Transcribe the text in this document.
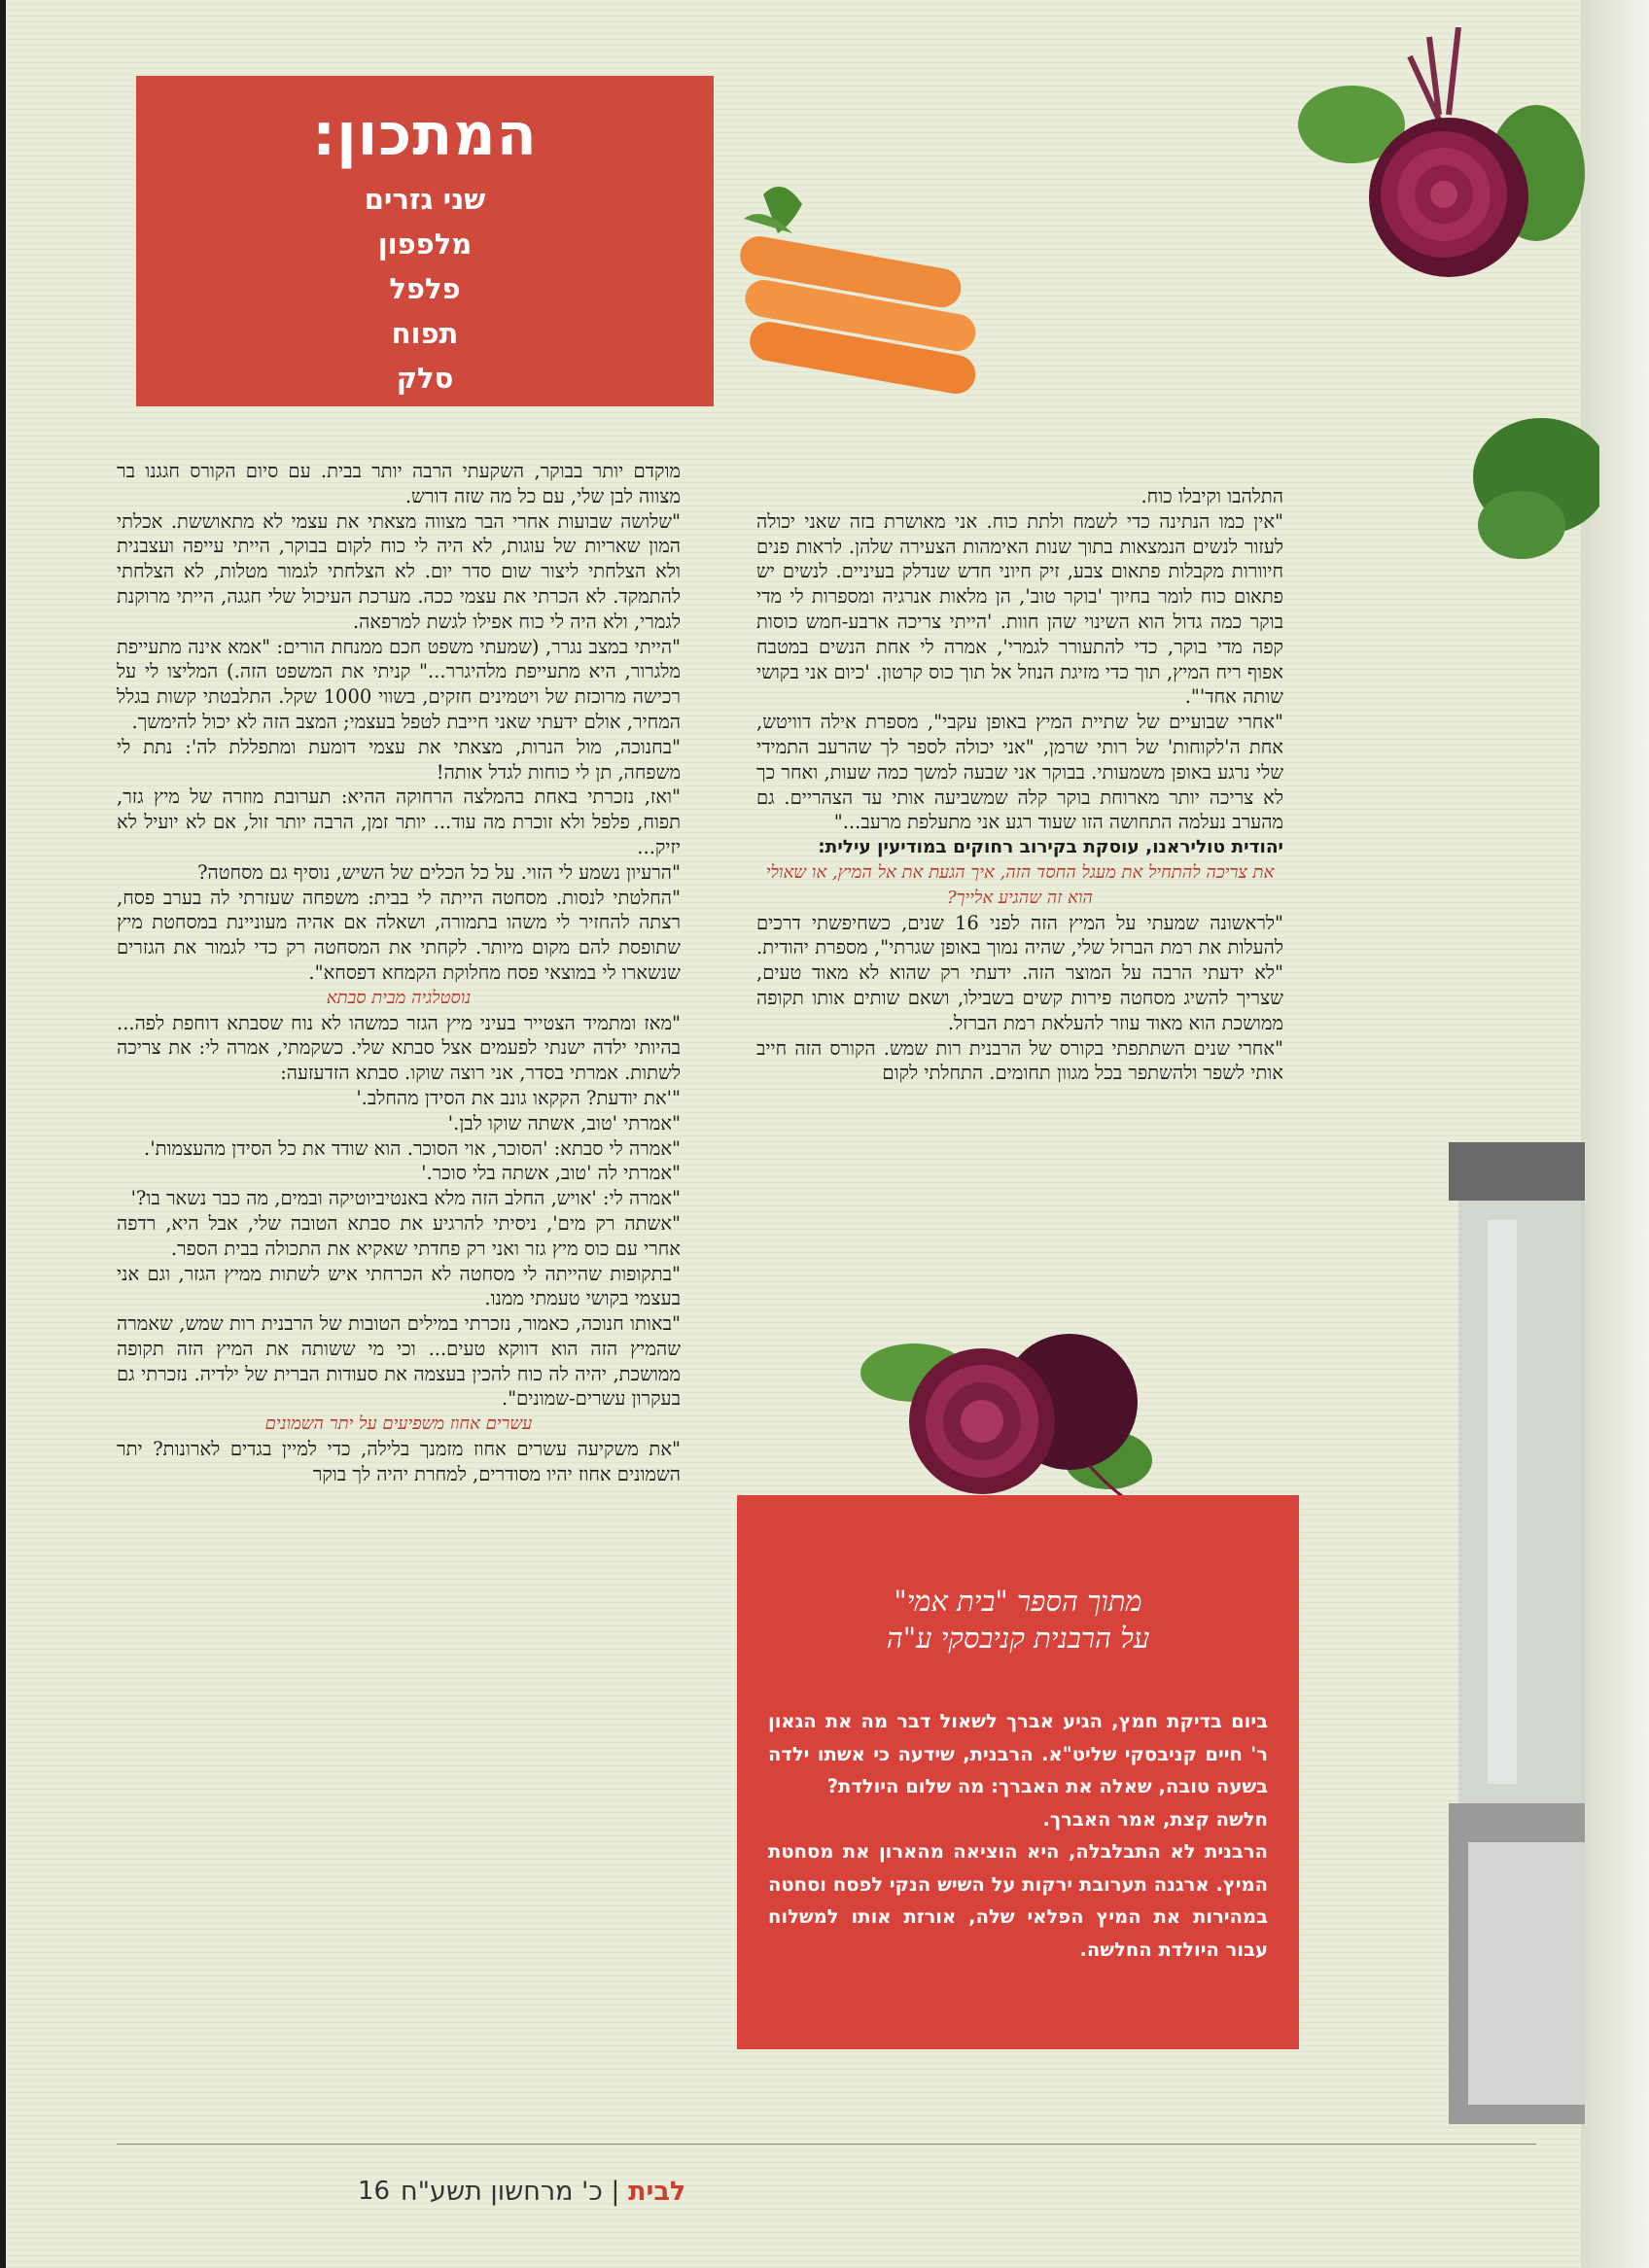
המתכון:
שני גזרים
מלפפון
פלפל
תפוח
סלק

התלהבו וקיבלו כוח.

"אין כמו הנתינה כדי לשמח ולתת כוח. אני מאושרת בזה שאני יכולה לעזור לנשים הנמצאות בתוך שנות האימהות הצעירה שלהן. לראות פנים חיוורות מקבלות פתאום צבע, זיק חיוני חדש שנדלק בעיניים. לנשים יש פתאום כוח לומר בחיוך 'בוקר טוב', הן מלאות אנרגיה ומספרות לי מדי בוקר כמה גדול הוא השינוי שהן חוות. 'הייתי צריכה ארבע-חמש כוסות קפה מדי בוקר, כדי להתעורר לגמרי', אמרה לי אחת הנשים במטבח אפוף ריח המיץ, תוך כדי מזיגת הנוזל אל תוך כוס קרטון. 'כיום אני בקושי שותה אחד'".

"אחרי שבועיים של שתיית המיץ באופן עקבי", מספרת אילה דוויטש, אחת ה'לקוחות' של רותי שרמן, "אני יכולה לספר לך שהרעב התמידי שלי נרגע באופן משמעותי. בבוקר אני שבעה למשך כמה שעות, ואחר כך לא צריכה יותר מארוחת בוקר קלה שמשביעה אותי עד הצהריים. גם מהערב נעלמה התחושה הזו שעוד רגע אני מתעלפת מרעב..."

יהודית טוליראנו, עוסקת בקירוב רחוקים במודיעין עילית:

את צריכה להתחיל את מעגל החסד הזה, איך הגעת את אל המיץ, או שאולי הוא זה שהגיע אלייך?

"לראשונה שמעתי על המיץ הזה לפני 16 שנים, כשחיפשתי דרכים להעלות את רמת הברזל שלי, שהיה נמוך באופן שגרתי", מספרת יהודית. "לא ידעתי הרבה על המוצר הזה. ידעתי רק שהוא לא מאוד טעים, שצריך להשיג מסחטה פירות קשים בשבילו, ושאם שותים אותו תקופה ממושכת הוא מאוד עוזר להעלאת רמת הברזל.

"אחרי שנים השתתפתי בקורס של הרבנית רות שמש. הקורס הזה חייב אותי לשפר ולהשתפר בכל מגוון תחומים. התחלתי לקום

מוקדם יותר בבוקר, השקעתי הרבה יותר בבית. עם סיום הקורס חגגנו בר מצווה לבן שלי, עם כל מה שזה דורש.

"שלושה שבועות אחרי הבר מצווה מצאתי את עצמי לא מתאוששת. אכלתי המון שאריות של עוגות, לא היה לי כוח לקום בבוקר, הייתי עייפה ועצבנית ולא הצלחתי ליצור שום סדר יום. לא הצלחתי לגמור מטלות, לא הצלחתי להתמקד. לא הכרתי את עצמי ככה. מערכת העיכול שלי חגגה, הייתי מרוקנת לגמרי, ולא היה לי כוח אפילו לגשת למרפאה.

"הייתי במצב נגרר, (שמעתי משפט חכם ממנחת הורים: "אמא אינה מתעייפת מלגרור, היא מתעייפת מלהיגרר..." קניתי את המשפט הזה.) המליצו לי על רכישה מרוכזת של ויטמינים חזקים, בשווי 1000 שקל. התלבטתי קשות בגלל המחיר, אולם ידעתי שאני חייבת לטפל בעצמי; המצב הזה לא יכול להימשך.

"בחנוכה, מול הנרות, מצאתי את עצמי דומעת ומתפללת לה': נתת לי משפחה, תן לי כוחות לגדל אותה!

"ואז, נזכרתי באחת בהמלצה הרחוקה ההיא: תערובת מוזרה של מיץ גזר, תפוח, פלפל ולא זוכרת מה עוד... יותר זמן, הרבה יותר זול, אם לא יועיל לא יזיק...

"הרעיון נשמע לי הזוי. על כל הכלים של השיש, נוסיף גם מסחטה?

"החלטתי לנסות. מסחטה הייתה לי בבית: משפחה שעזרתי לה בערב פסח, רצתה להחזיר לי משהו בתמורה, ושאלה אם אהיה מעוניינת במסחטת מיץ שתופסת להם מקום מיותר. לקחתי את המסחטה רק כדי לגמור את הגזרים שנשארו לי במוצאי פסח מחלוקת הקמחא דפסחא".

נוסטלגיה מבית סבתא

"מאז ומתמיד הצטייר בעיני מיץ הגזר כמשהו לא נוח שסבתא דוחפת לפה... בהיותי ילדה ישנתי לפעמים אצל סבתא שלי. כשקמתי, אמרה לי: את צריכה לשתות. אמרתי בסדר, אני רוצה שוקו. סבתא הזדעזעה:

"'את יודעת? הקקאו גונב את הסידן מהחלב.'

"אמרתי 'טוב, אשתה שוקו לבן.'

"אמרה לי סבתא: 'הסוכר, אוי הסוכר. הוא שודד את כל הסידן מהעצמות'.

"אמרתי לה 'טוב, אשתה בלי סוכר.'

"אמרה לי: 'אויש, החלב הזה מלא באנטיביוטיקה ובמים, מה כבר נשאר בו?'

"אשתה רק מים', ניסיתי להרגיע את סבתא הטובה שלי, אבל היא, רדפה אחרי עם כוס מיץ גזר ואני רק פחדתי שאקיא את התכולה בבית הספר.

"בתקופות שהייתה לי מסחטה לא הכרחתי איש לשתות ממיץ הגזר, וגם אני בעצמי בקושי טעמתי ממנו.

"באותו חנוכה, כאמור, נזכרתי במילים הטובות של הרבנית רות שמש, שאמרה שהמיץ הזה הוא דווקא טעים... וכי מי ששותה את המיץ הזה תקופה ממושכת, יהיה לה כוח להכין בעצמה את סעודות הברית של ילדיה. נזכרתי גם בעקרון עשרים-שמונים".

עשרים אחוז משפיעים על יתר השמונים

"את משקיעה עשרים אחוז מזמנך בלילה, כדי למיין בגדים לארונות? יתר השמונים אחוז יהיו מסודרים, למחרת יהיה לך בוקר

מתוך הספר "בית אמי"
על הרבנית קניבסקי ע"ה

ביום בדיקת חמץ, הגיע אברך לשאול דבר מה את הגאון ר' חיים קניבסקי שליט"א. הרבנית, שידעה כי אשתו ילדה בשעה טובה, שאלה את האברך: מה שלום היולדת?

חלשה קצת, אמר האברך.

הרבנית לא התבלבלה, היא הוציאה מהארון את מסחטת המיץ. ארגנה תערובת ירקות על השיש הנקי לפסח וסחטה במהירות את המיץ הפלאי שלה, אורזת אותו למשלוח עבור היולדת החלשה.

לבית | כ' מרחשון תשע"ח
16
